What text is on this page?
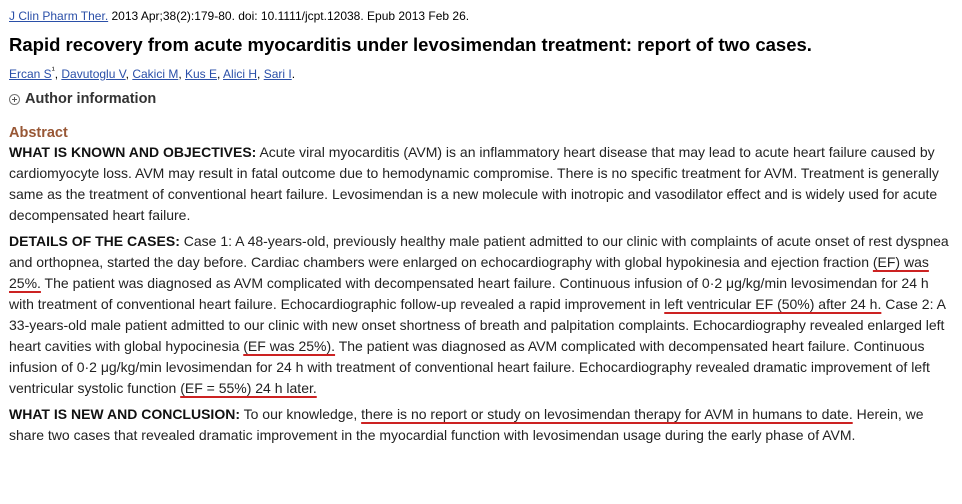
J Clin Pharm Ther. 2013 Apr;38(2):179-80. doi: 10.1111/jcpt.12038. Epub 2013 Feb 26.
Rapid recovery from acute myocarditis under levosimendan treatment: report of two cases.
Ercan $S^{^1}$, Davutoglu V, Cakici M, Kus E, Alici H, Sari I.
Author information
Abstract

WHAT IS KNOWN AND OBJECTIVES: Acute viral myocarditis (AVM) is an inflammatory heart disease that may lead to acute heart failure caused by cardiomyocyte loss. AVM may result in fatal outcome due to hemodynamic compromise. There is no specific treatment for AVM. Treatment is generally same as the treatment of conventional heart failure. Levosimendan is a new molecule with inotropic and vasodilator effect and is widely used for acute decompensated heart failure.

DETAILS OF THE CASES: Case 1: A 48-years-old, previously healthy male patient admitted to our clinic with complaints of acute onset of rest dyspnea and orthopnea, started the day before. Cardiac chambers were enlarged on echocardiography with global hypokinesia and ejection fraction (EF) was 25%. The patient was diagnosed as AVM complicated with decompensated heart failure. Continuous infusion of 0·2 μg/kg/min levosimendan for 24 h with treatment of conventional heart failure. Echocardiographic follow-up revealed a rapid improvement in left ventricular EF (50%) after 24 h. Case 2: A 33-years-old male patient admitted to our clinic with new onset shortness of breath and palpitation complaints. Echocardiography revealed enlarged left heart cavities with global hypocinesia (EF was 25%). The patient was diagnosed as AVM complicated with decompensated heart failure. Continuous infusion of 0·2 μg/kg/min levosimendan for 24 h with treatment of conventional heart failure. Echocardiography revealed dramatic improvement of left ventricular systolic function (EF = 55%) 24 h later.

WHAT IS NEW AND CONCLUSION: To our knowledge, there is no report or study on levosimendan therapy for AVM in humans to date. Herein, we share two cases that revealed dramatic improvement in the myocardial function with levosimendan usage during the early phase of AVM.
